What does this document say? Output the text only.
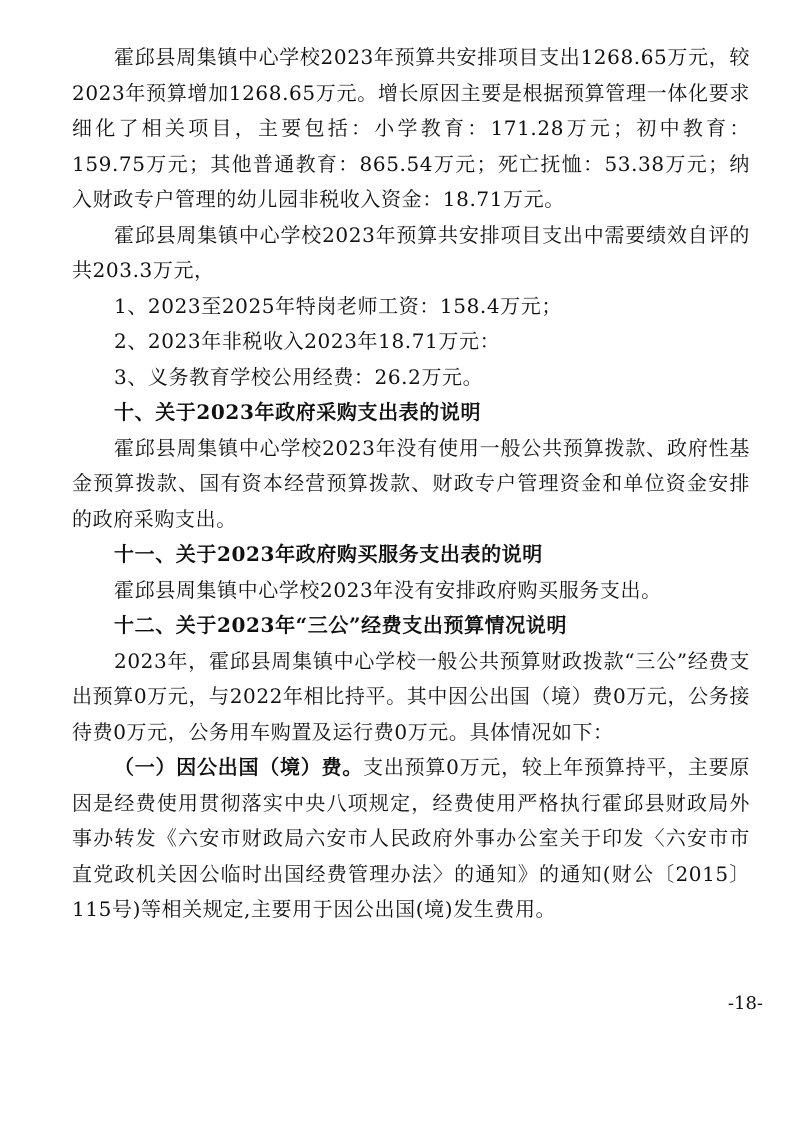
霍邱县周集镇中心学校2023年预算共安排项目支出1268.65万元，较2023年预算增加1268.65万元。增长原因主要是根据预算管理一体化要求细化了相关项目，主要包括：小学教育：171.28万元；初中教育：159.75万元；其他普通教育：865.54万元；死亡抚恤：53.38万元；纳入财政专户管理的幼儿园非税收入资金：18.71万元。

霍邱县周集镇中心学校2023年预算共安排项目支出中需要绩效自评的共203.3万元，

1、2023至2025年特岗老师工资：158.4万元；

2、2023年非税收入2023年18.71万元：

3、义务教育学校公用经费：26.2万元。

十、关于2023年政府采购支出表的说明

霍邱县周集镇中心学校2023年没有使用一般公共预算拨款、政府性基金预算拨款、国有资本经营预算拨款、财政专户管理资金和单位资金安排的政府采购支出。

十一、关于2023年政府购买服务支出表的说明

霍邱县周集镇中心学校2023年没有安排政府购买服务支出。

十二、关于2023年“三公”经费支出预算情况说明

2023年，霍邱县周集镇中心学校一般公共预算财政拨款“三公”经费支出预算0万元，与2022年相比持平。其中因公出国（境）费0万元，公务接待费0万元，公务用车购置及运行费0万元。具体情况如下：

（一）因公出国（境）费。支出预算0万元，较上年预算持平，主要原因是经费使用贯彻落实中央八项规定，经费使用严格执行霍邱县财政局外事办转发《六安市财政局六安市人民政府外事办公室关于印发〈六安市市直党政机关因公临时出国经费管理办法〉的通知》的通知(财公〔2015〕115号)等相关规定,主要用于因公出国(境)发生费用。

-18-
